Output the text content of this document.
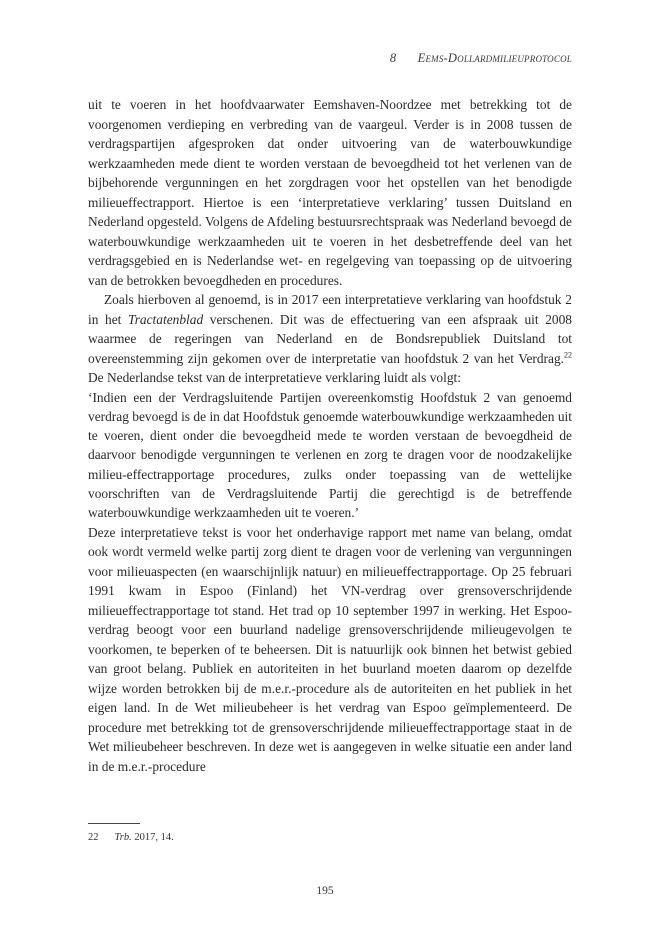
8 Eems-Dollardmilieuprotocol

uit te voeren in het hoofdvaarwater Eemshaven-Noordzee met betrekking tot de voorgenomen verdieping en verbreding van de vaargeul. Verder is in 2008 tussen de verdragspartijen afgesproken dat onder uitvoering van de waterbouwkundige werkzaamheden mede dient te worden verstaan de bevoegdheid tot het verlenen van de bijbehorende vergunningen en het zorgdragen voor het opstellen van het benodigde milieueffectrapport. Hiertoe is een ‘interpretatieve verklaring’ tussen Duitsland en Nederland opgesteld. Volgens de Afdeling bestuursrechtspraak was Nederland bevoegd de waterbouwkundige werkzaamheden uit te voeren in het desbetreffende deel van het verdragsgebied en is Nederlandse wet- en regelgeving van toepassing op de uitvoering van de betrokken bevoegdheden en procedures.

Zoals hierboven al genoemd, is in 2017 een interpretatieve verklaring van hoofdstuk 2 in het Tractatenblad verschenen. Dit was de effectuering van een afspraak uit 2008 waarmee de regeringen van Nederland en de Bondsrepubliek Duitsland tot overeenstemming zijn gekomen over de interpretatie van hoofdstuk 2 van het Verdrag.$^{22}$ De Nederlandse tekst van de interpretatieve verklaring luidt als volgt:

‘Indien een der Verdragsluitende Partijen overeenkomstig Hoofdstuk 2 van genoemd verdrag bevoegd is de in dat Hoofdstuk genoemde waterbouwkundige werkzaamheden uit te voeren, dient onder die bevoegdheid mede te worden verstaan de bevoegdheid de daarvoor benodigde vergunningen te verlenen en zorg te dragen voor de noodzakelijke milieu-effectrapportage procedures, zulks onder toepassing van de wettelijke voorschriften van de Verdragsluitende Partij die gerechtigd is de betreffende waterbouwkundige werkzaamheden uit te voeren.’

Deze interpretatieve tekst is voor het onderhavige rapport met name van belang, omdat ook wordt vermeld welke partij zorg dient te dragen voor de verlening van vergunningen voor milieuaspecten (en waarschijnlijk natuur) en milieueffectrapportage. Op 25 februari 1991 kwam in Espoo (Finland) het VN-verdrag over grensoverschrijdende milieueffectrapportage tot stand. Het trad op 10 september 1997 in werking. Het Espoo-verdrag beoogt voor een buurland nadelige grensoverschrijdende milieugevolgen te voorkomen, te beperken of te beheersen. Dit is natuurlijk ook binnen het betwist gebied van groot belang. Publiek en autoriteiten in het buurland moeten daarom op dezelfde wijze worden betrokken bij de m.e.r.-procedure als de autoriteiten en het publiek in het eigen land. In de Wet milieubeheer is het verdrag van Espoo geïmplementeerd. De procedure met betrekking tot de grensoverschrijdende milieueffectrapportage staat in de Wet milieubeheer beschreven. In deze wet is aangegeven in welke situatie een ander land in de m.e.r.-procedure

22 Trb. 2017, 14.
195
